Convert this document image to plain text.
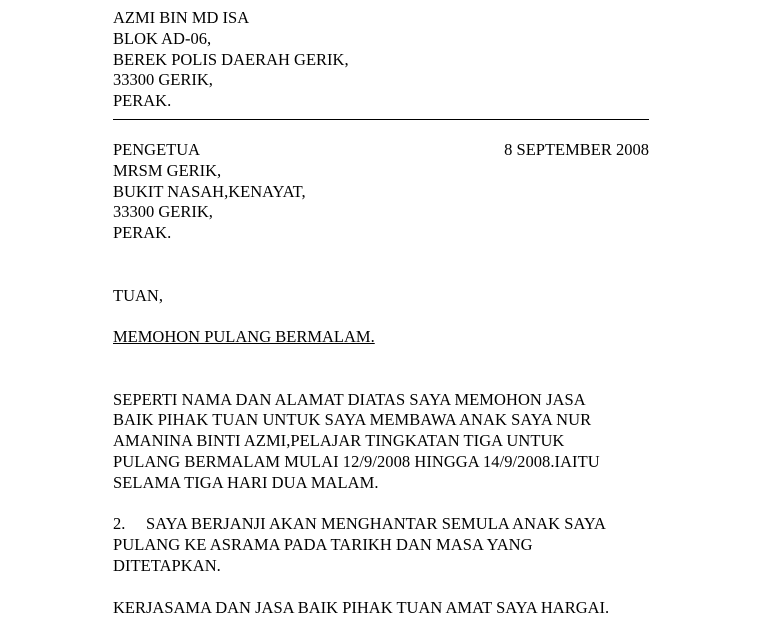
AZMI BIN MD ISA
BLOK AD-06,
BEREK POLIS DAERAH GERIK,
33300 GERIK,
PERAK.
PENGETUA	8 SEPTEMBER 2008
MRSM GERIK,
BUKIT NASAH,KENAYAT,
33300 GERIK,
PERAK.
TUAN,
MEMOHON PULANG BERMALAM.
SEPERTI NAMA DAN ALAMAT DIATAS SAYA MEMOHON JASA
BAIK PIHAK TUAN UNTUK SAYA MEMBAWA ANAK SAYA NUR
AMANINA BINTI AZMI,PELAJAR TINGKATAN TIGA UNTUK
PULANG BERMALAM MULAI 12/9/2008 HINGGA 14/9/2008.IAITU
SELAMA TIGA HARI DUA MALAM.
2. SAYA BERJANJI AKAN MENGHANTAR SEMULA ANAK SAYA
PULANG KE ASRAMA PADA TARIKH DAN MASA YANG
DITETAPKAN.
KERJASAMA DAN JASA BAIK PIHAK TUAN AMAT SAYA HARGAI.
